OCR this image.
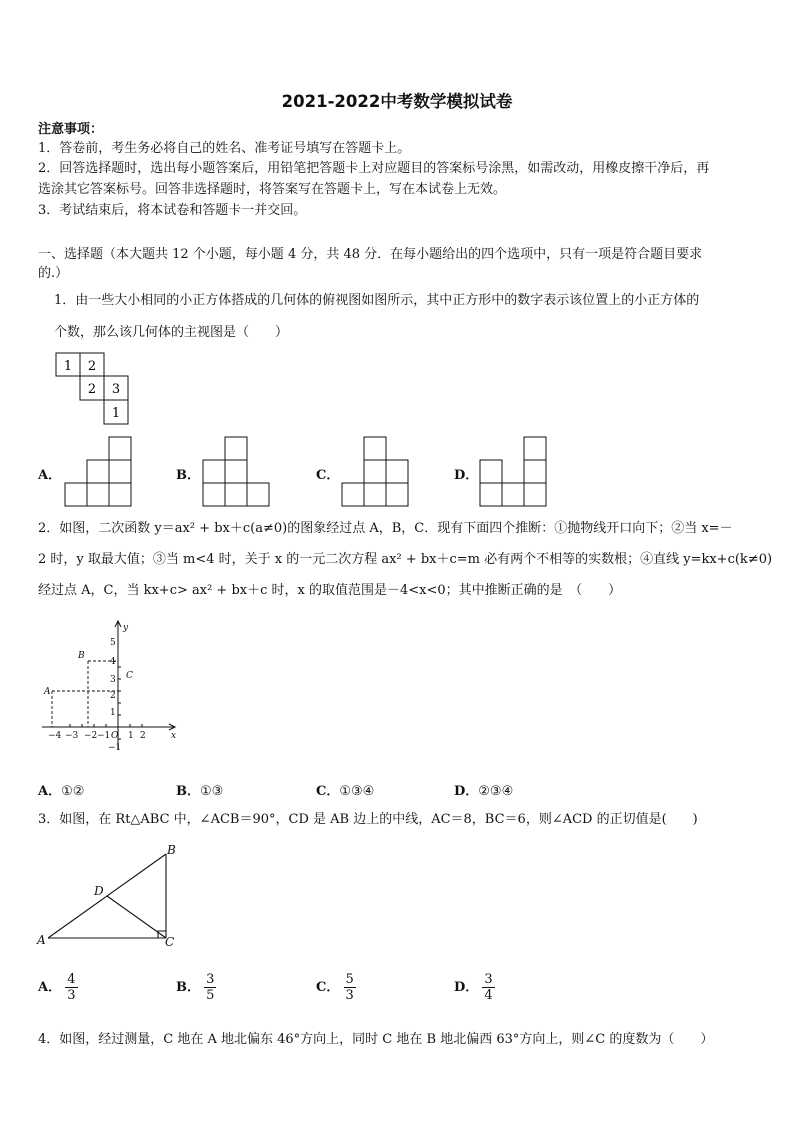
2021-2022中考数学模拟试卷
注意事项：
1．答卷前，考生务必将自己的姓名、准考证号填写在答题卡上。
2．回答选择题时，选出每小题答案后，用铅笔把答题卡上对应题目的答案标号涂黑，如需改动，用橡皮擦干净后，再
选涂其它答案标号。回答非选择题时，将答案写在答题卡上，写在本试卷上无效。
3．考试结束后，将本试卷和答题卡一并交回。
一、选择题（本大题共 12 个小题，每小题 4 分，共 48 分．在每小题给出的四个选项中，只有一项是符合题目要求
的.）
1．由一些大小相同的小正方体搭成的几何体的俯视图如图所示，其中正方形中的数字表示该位置上的小正方体的
个数，那么该几何体的主视图是（　　）
1 2
2 3
1
A．	B．	C．	D．
2．如图，二次函数 y＝ax² + bx＋c(a≠0)的图象经过点 A，B，C．现有下面四个推断：①抛物线开口向下；②当 x=－
2 时，y 取最大值；③当 m<4 时，关于 x 的一元二次方程 ax² + bx＋c=m 必有两个不相等的实数根；④直线 y=kx+c(k≠0)
经过点 A，C，当 kx+c> ax² + bx＋c 时，x 的取值范围是－4<x<0；其中推断正确的是　（　　）
x
y
O
A
B
C
−4 −3 −2 −1 1 2
5
4
3
2
1
−1
A．①②	B．①③	C．①③④	D．②③④
3．如图，在 Rt△ABC 中，∠ACB＝90°，CD 是 AB 边上的中线，AC＝8，BC＝6，则∠ACD 的正切值是(　　)
A
B
C
D
A． $\frac{4}{3}$	B． $\frac{3}{5}$	C． $\frac{5}{3}$	D． $\frac{3}{4}$
4．如图，经过测量，C 地在 A 地北偏东 46°方向上，同时 C 地在 B 地北偏西 63°方向上，则∠C 的度数为（　　）
